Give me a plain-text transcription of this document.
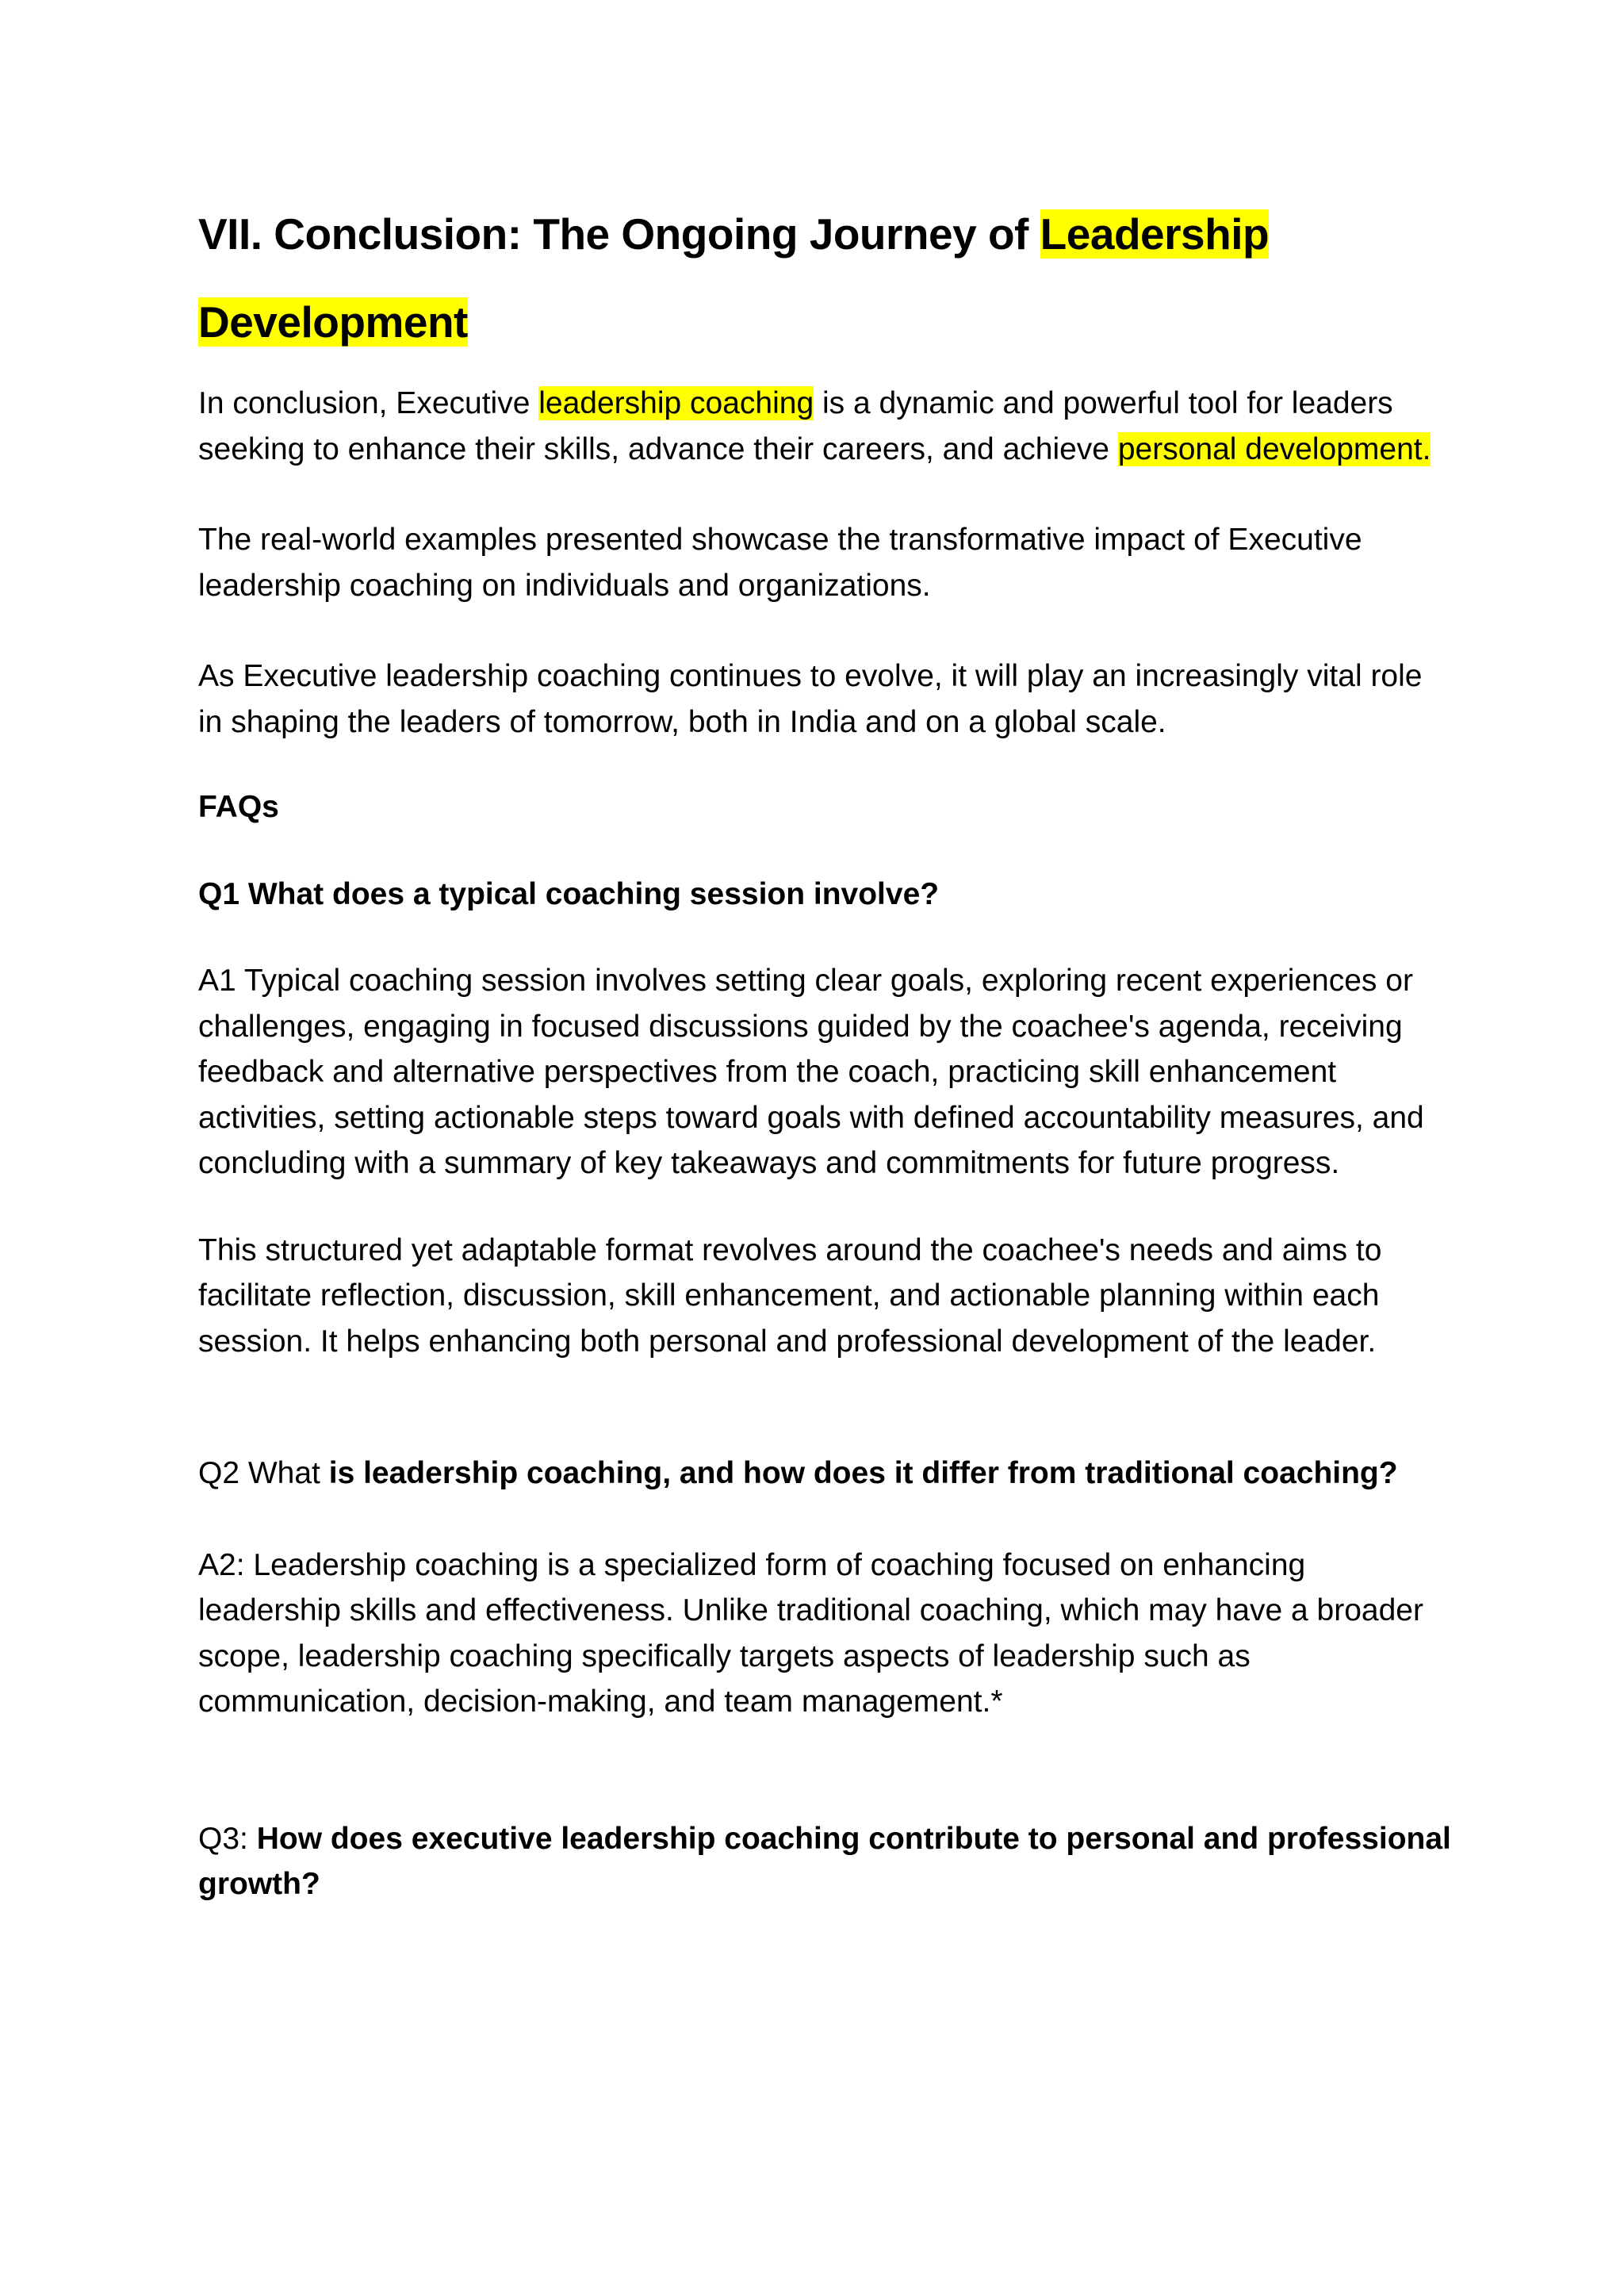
VII. Conclusion: The Ongoing Journey of Leadership
Development

In conclusion, Executive leadership coaching is a dynamic and powerful tool for leaders seeking to enhance their skills, advance their careers, and achieve personal development.

The real-world examples presented showcase the transformative impact of Executive leadership coaching on individuals and organizations.

As Executive leadership coaching continues to evolve, it will play an increasingly vital role in shaping the leaders of tomorrow, both in India and on a global scale.

FAQs

Q1 What does a typical coaching session involve?

A1 Typical coaching session involves setting clear goals, exploring recent experiences or challenges, engaging in focused discussions guided by the coachee's agenda, receiving feedback and alternative perspectives from the coach, practicing skill enhancement activities, setting actionable steps toward goals with defined accountability measures, and concluding with a summary of key takeaways and commitments for future progress.

This structured yet adaptable format revolves around the coachee's needs and aims to facilitate reflection, discussion, skill enhancement, and actionable planning within each session. It helps enhancing both personal and professional development of the leader.

Q2 What is leadership coaching, and how does it differ from traditional coaching?

A2: Leadership coaching is a specialized form of coaching focused on enhancing leadership skills and effectiveness. Unlike traditional coaching, which may have a broader scope, leadership coaching specifically targets aspects of leadership such as communication, decision-making, and team management.*

Q3: How does executive leadership coaching contribute to personal and professional growth?
